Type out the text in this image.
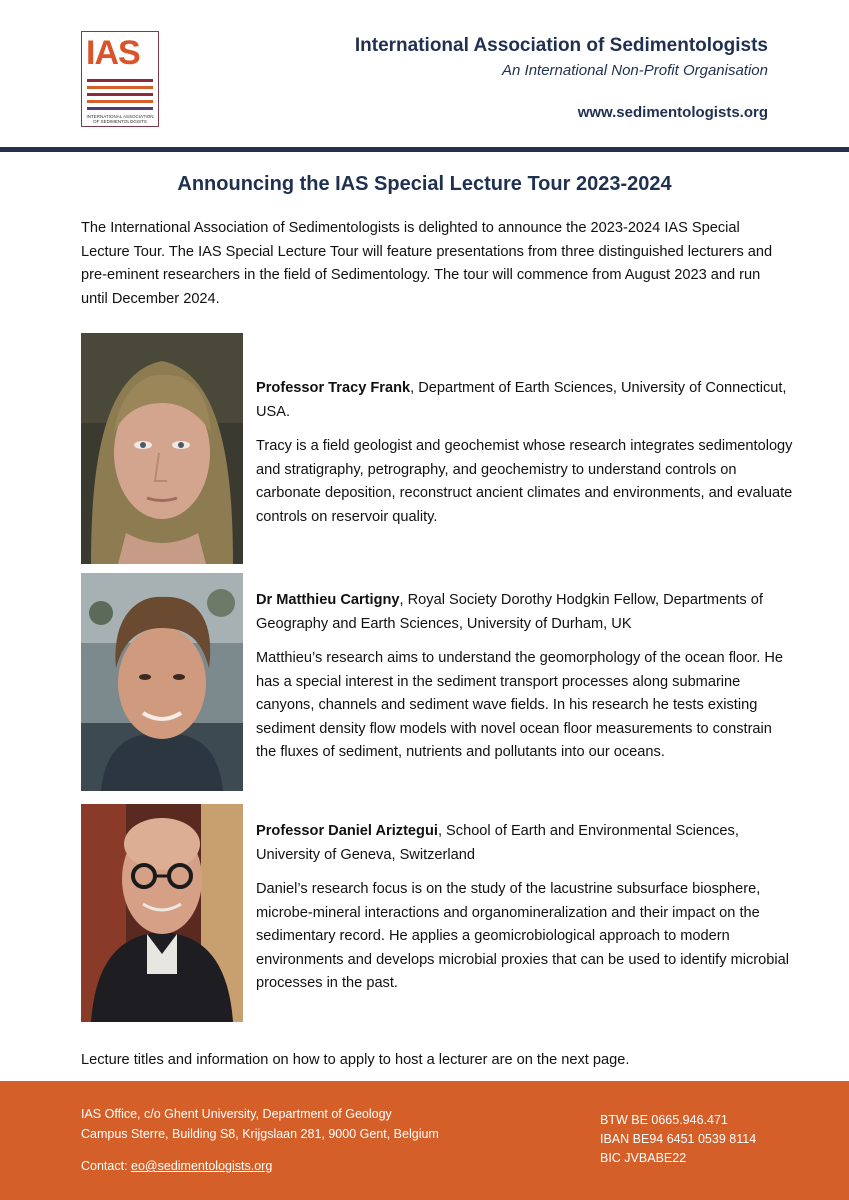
IAS
INTERNATIONAL ASSOCIATION OF SEDIMENTOLOGISTS
International Association of Sedimentologists
An International Non-Profit Organisation
www.sedimentologists.org
Announcing the IAS Special Lecture Tour 2023-2024

The International Association of Sedimentologists is delighted to announce the 2023-2024 IAS Special Lecture Tour. The IAS Special Lecture Tour will feature presentations from three distinguished lecturers and pre-eminent researchers in the field of Sedimentology. The tour will commence from August 2023 and run until December 2024.

Professor Tracy Frank, Department of Earth Sciences, University of Connecticut, USA.

Tracy is a field geologist and geochemist whose research integrates sedimentology and stratigraphy, petrography, and geochemistry to understand controls on carbonate deposition, reconstruct ancient climates and environments, and evaluate controls on reservoir quality.

Dr Matthieu Cartigny, Royal Society Dorothy Hodgkin Fellow, Departments of Geography and Earth Sciences, University of Durham, UK

Matthieu’s research aims to understand the geomorphology of the ocean floor. He has a special interest in the sediment transport processes along submarine canyons, channels and sediment wave fields. In his research he tests existing sediment density flow models with novel ocean floor measurements to constrain the fluxes of sediment, nutrients and pollutants into our oceans.

Professor Daniel Ariztegui, School of Earth and Environmental Sciences, University of Geneva, Switzerland

Daniel’s research focus is on the study of the lacustrine subsurface biosphere, microbe-mineral interactions and organomineralization and their impact on the sedimentary record. He applies a geomicrobiological approach to modern environments and develops microbial proxies that can be used to identify microbial processes in the past.

Lecture titles and information on how to apply to host a lecturer are on the next page.
IAS Office, c/o Ghent University, Department of Geology
Campus Sterre, Building S8, Krijgslaan 281, 9000 Gent, Belgium
Contact: eo@sedimentologists.org
BTW BE 0665.946.471
IBAN BE94 6451 0539 8114
BIC JVBABE22
